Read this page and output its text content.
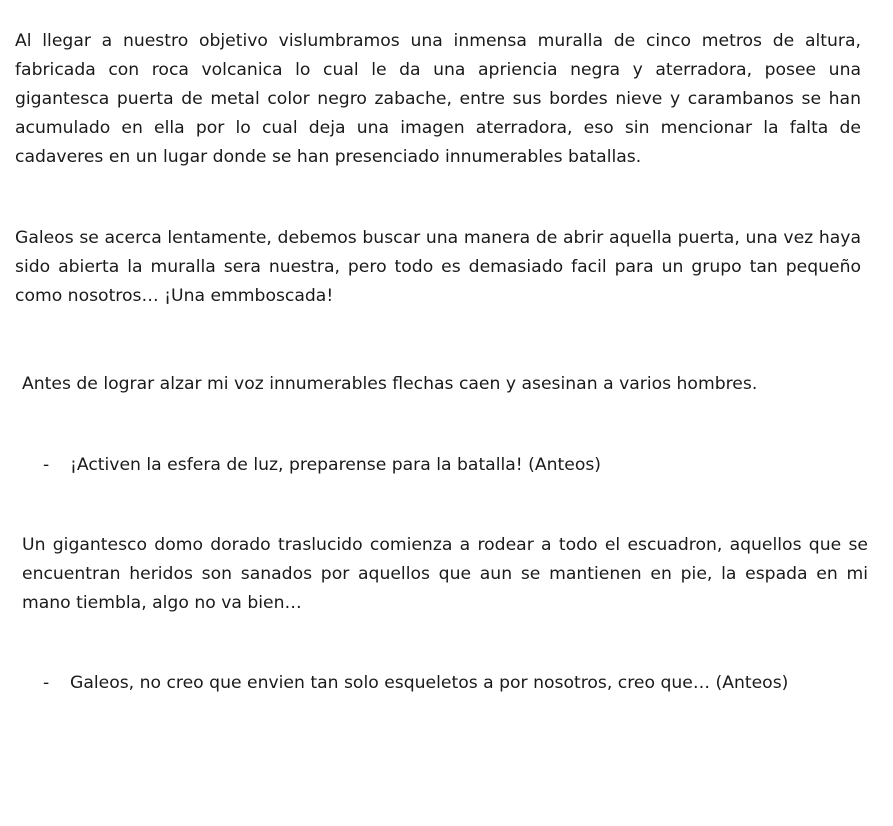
Al llegar a nuestro objetivo vislumbramos una inmensa muralla de cinco metros de altura, fabricada con roca volcanica lo cual le da una apriencia negra y aterradora, posee una gigantesca puerta de metal color negro zabache, entre sus bordes nieve y carambanos se han acumulado en ella por lo cual deja una imagen aterradora, eso sin mencionar la falta de cadaveres en un lugar donde se han presenciado innumerables batallas.

Galeos se acerca lentamente, debemos buscar una manera de abrir aquella puerta, una vez haya sido abierta la muralla sera nuestra, pero todo es demasiado facil para un grupo tan pequeño como nosotros… ¡Una emmboscada!

Antes de lograr alzar mi voz innumerables flechas caen y asesinan a varios hombres.

- ¡Activen la esfera de luz, preparense para la batalla! (Anteos)

Un gigantesco domo dorado traslucido comienza a rodear a todo el escuadron, aquellos que se encuentran heridos son sanados por aquellos que aun se mantienen en pie, la espada en mi mano tiembla, algo no va bien…

- Galeos, no creo que envien tan solo esqueletos a por nosotros, creo que… (Anteos)
